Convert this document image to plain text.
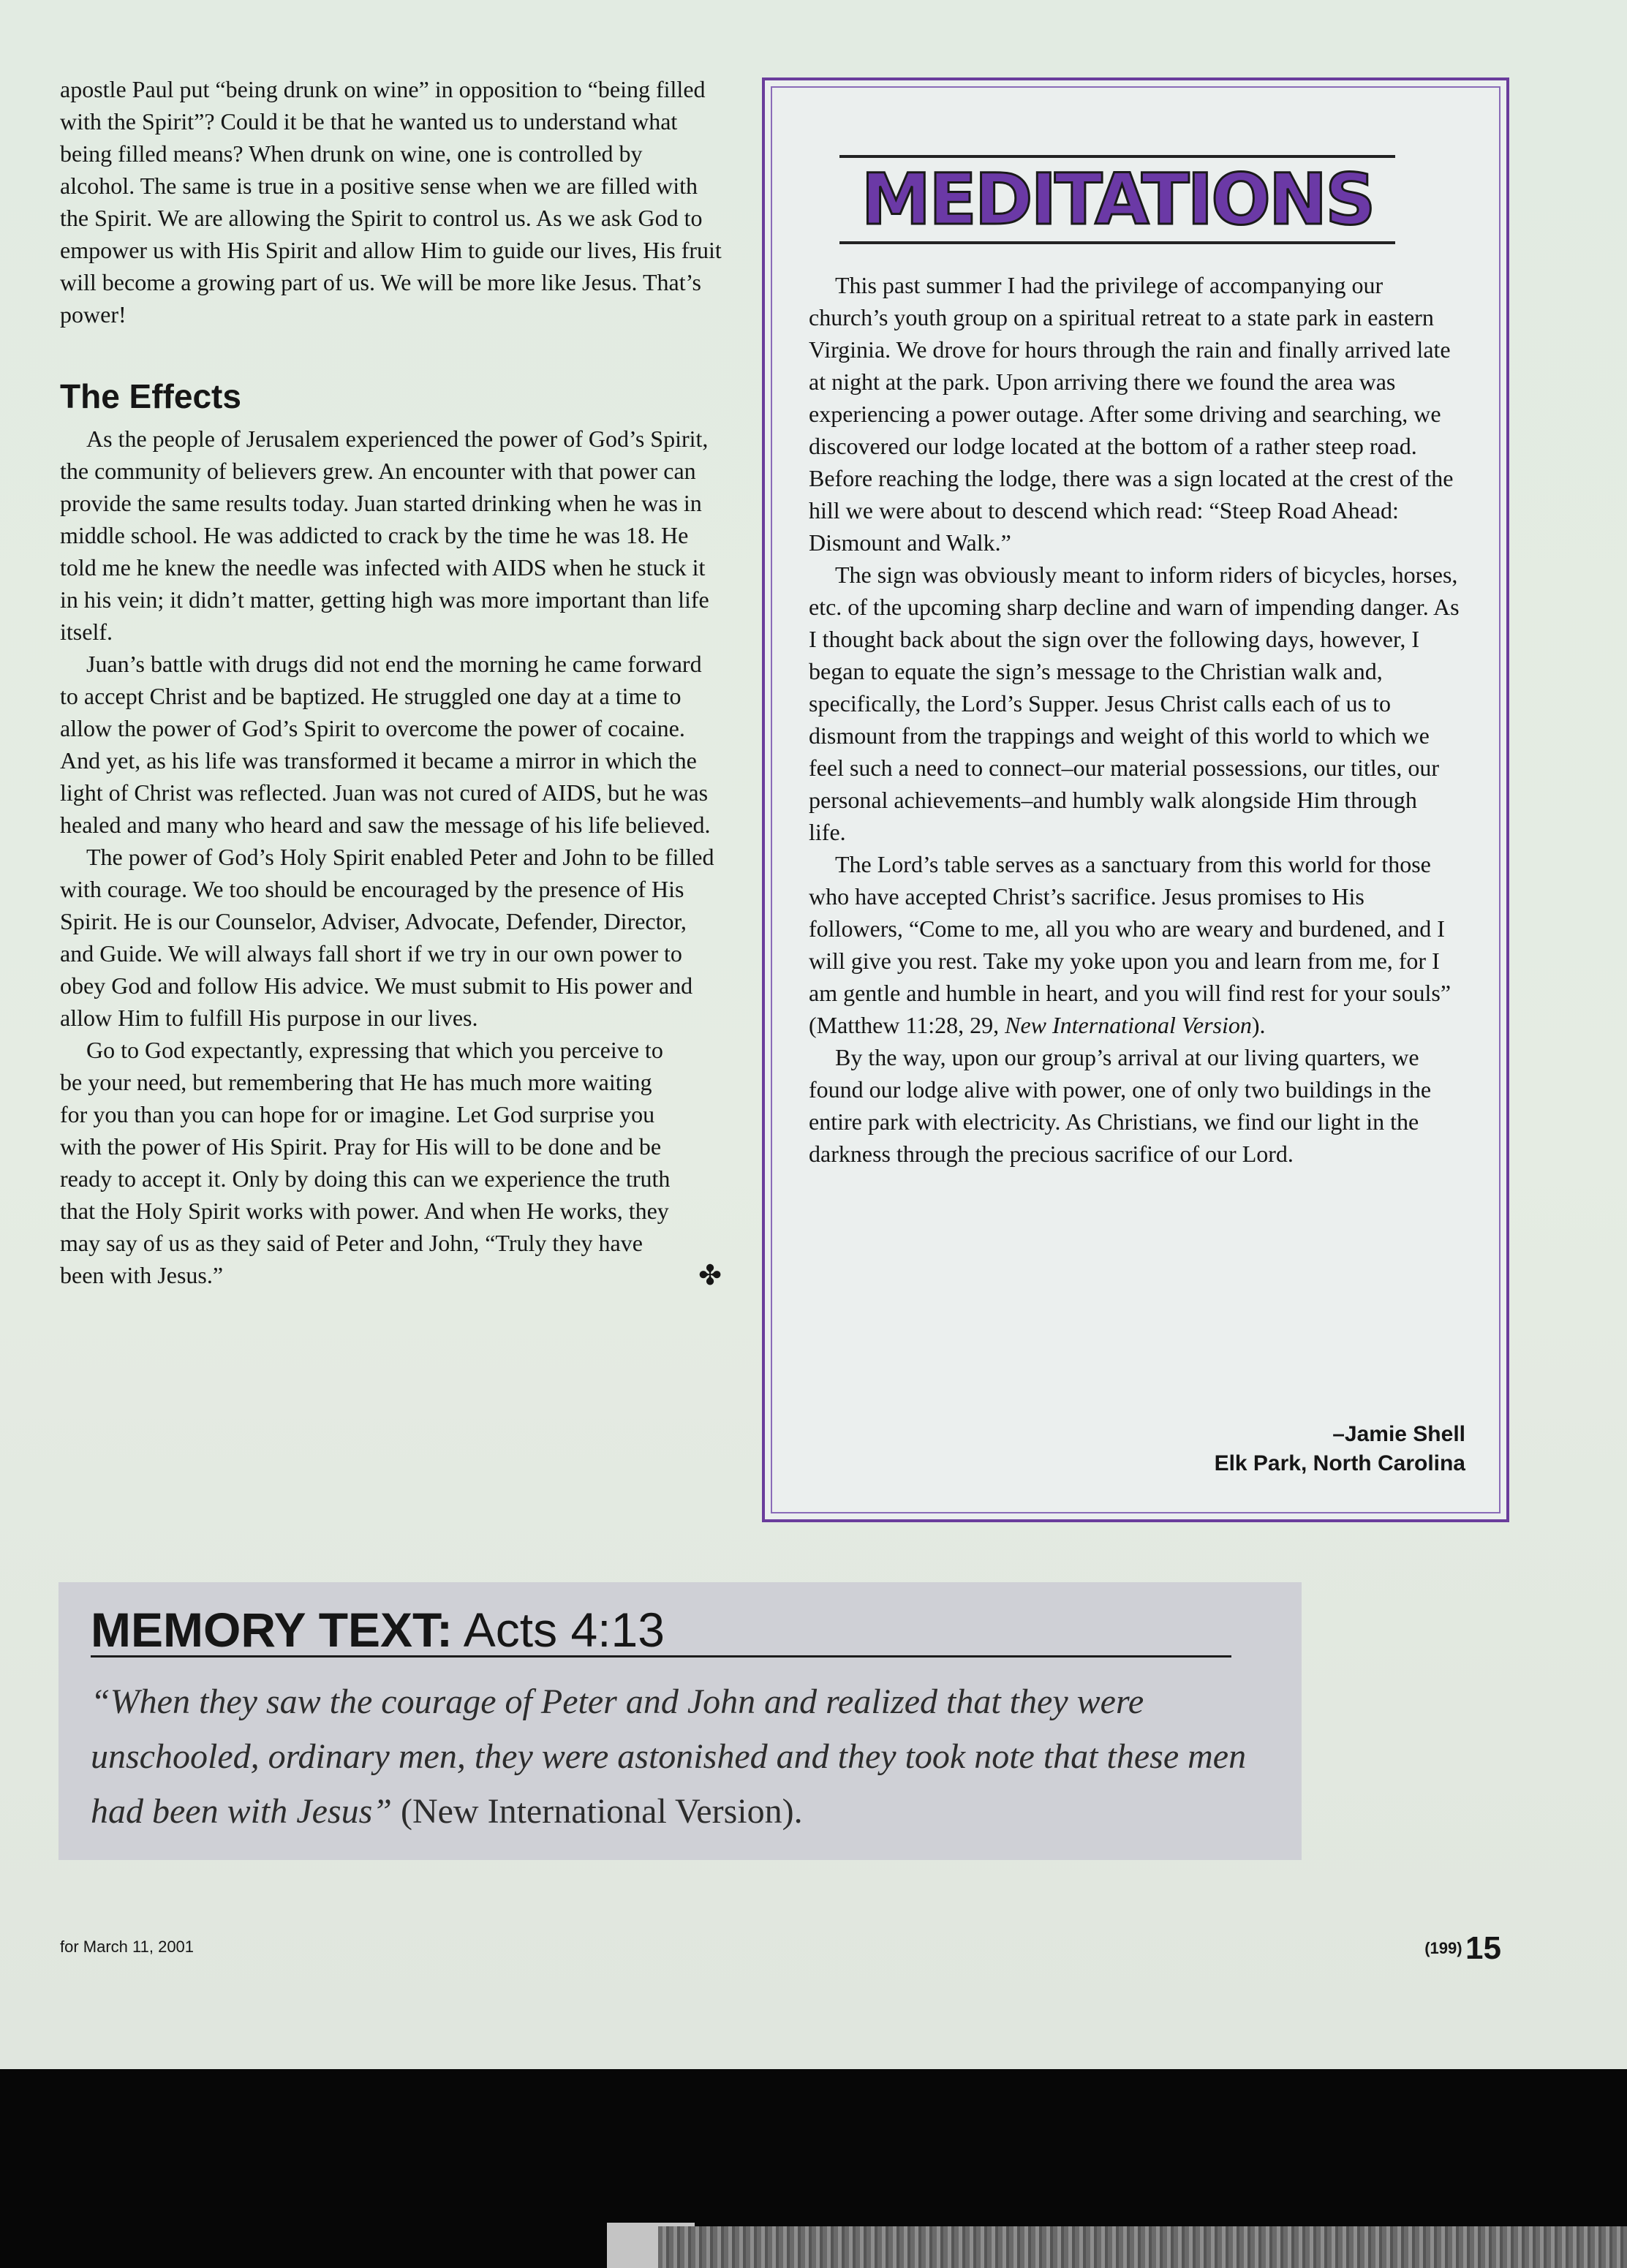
apostle Paul put “being drunk on wine” in opposition to “being filled with the Spirit”? Could it be that he wanted us to understand what being filled means? When drunk on wine, one is controlled by alcohol. The same is true in a positive sense when we are filled with the Spirit. We are allowing the Spirit to control us. As we ask God to empower us with His Spirit and allow Him to guide our lives, His fruit will become a growing part of us. We will be more like Jesus. That’s power!

The Effects

As the people of Jerusalem experienced the power of God’s Spirit, the community of believers grew. An encounter with that power can provide the same results today. Juan started drinking when he was in middle school. He was addicted to crack by the time he was 18. He told me he knew the needle was infected with AIDS when he stuck it in his vein; it didn’t matter, getting high was more important than life itself.

Juan’s battle with drugs did not end the morning he came forward to accept Christ and be baptized. He struggled one day at a time to allow the power of God’s Spirit to overcome the power of cocaine. And yet, as his life was transformed it became a mirror in which the light of Christ was reflected. Juan was not cured of AIDS, but he was healed and many who heard and saw the message of his life believed.

The power of God’s Holy Spirit enabled Peter and John to be filled with courage. We too should be encouraged by the presence of His Spirit. He is our Counselor, Adviser, Advocate, Defender, Director, and Guide. We will always fall short if we try in our own power to obey God and follow His advice. We must submit to His power and allow Him to fulfill His purpose in our lives.

Go to God expectantly, expressing that which you perceive to be your need, but remembering that He has much more waiting for you than you can hope for or imagine. Let God surprise you with the power of His Spirit. Pray for His will to be done and be ready to accept it. Only by doing this can we experience the truth that the Holy Spirit works with power. And when He works, they may say of us as they said of Peter and John, “Truly they have been with Jesus.”	✤
MEDITATIONS

This past summer I had the privilege of accompanying our church’s youth group on a spiritual retreat to a state park in eastern Virginia. We drove for hours through the rain and finally arrived late at night at the park. Upon arriving there we found the area was experiencing a power outage. After some driving and searching, we discovered our lodge located at the bottom of a rather steep road. Before reaching the lodge, there was a sign located at the crest of the hill we were about to descend which read: “Steep Road Ahead: Dismount and Walk.”

The sign was obviously meant to inform riders of bicycles, horses, etc. of the upcoming sharp decline and warn of impending danger. As I thought back about the sign over the following days, however, I began to equate the sign’s message to the Christian walk and, specifically, the Lord’s Supper. Jesus Christ calls each of us to dismount from the trappings and weight of this world to which we feel such a need to connect–our material possessions, our titles, our personal achievements–and humbly walk alongside Him through life.

The Lord’s table serves as a sanctuary from this world for those who have accepted Christ’s sacrifice. Jesus promises to His followers, “Come to me, all you who are weary and burdened, and I will give you rest. Take my yoke upon you and learn from me, for I am gentle and humble in heart, and you will find rest for your souls” (Matthew 11:28, 29, New International Version).

By the way, upon our group’s arrival at our living quarters, we found our lodge alive with power, one of only two buildings in the entire park with electricity. As Christians, we find our light in the darkness through the precious sacrifice of our Lord.

–Jamie Shell
Elk Park, North Carolina
MEMORY TEXT: Acts 4:13
“When they saw the courage of Peter and John and realized that they were unschooled, ordinary men, they were astonished and they took note that these men had been with Jesus” (New International Version).
for March 11, 2001	(199) 15
